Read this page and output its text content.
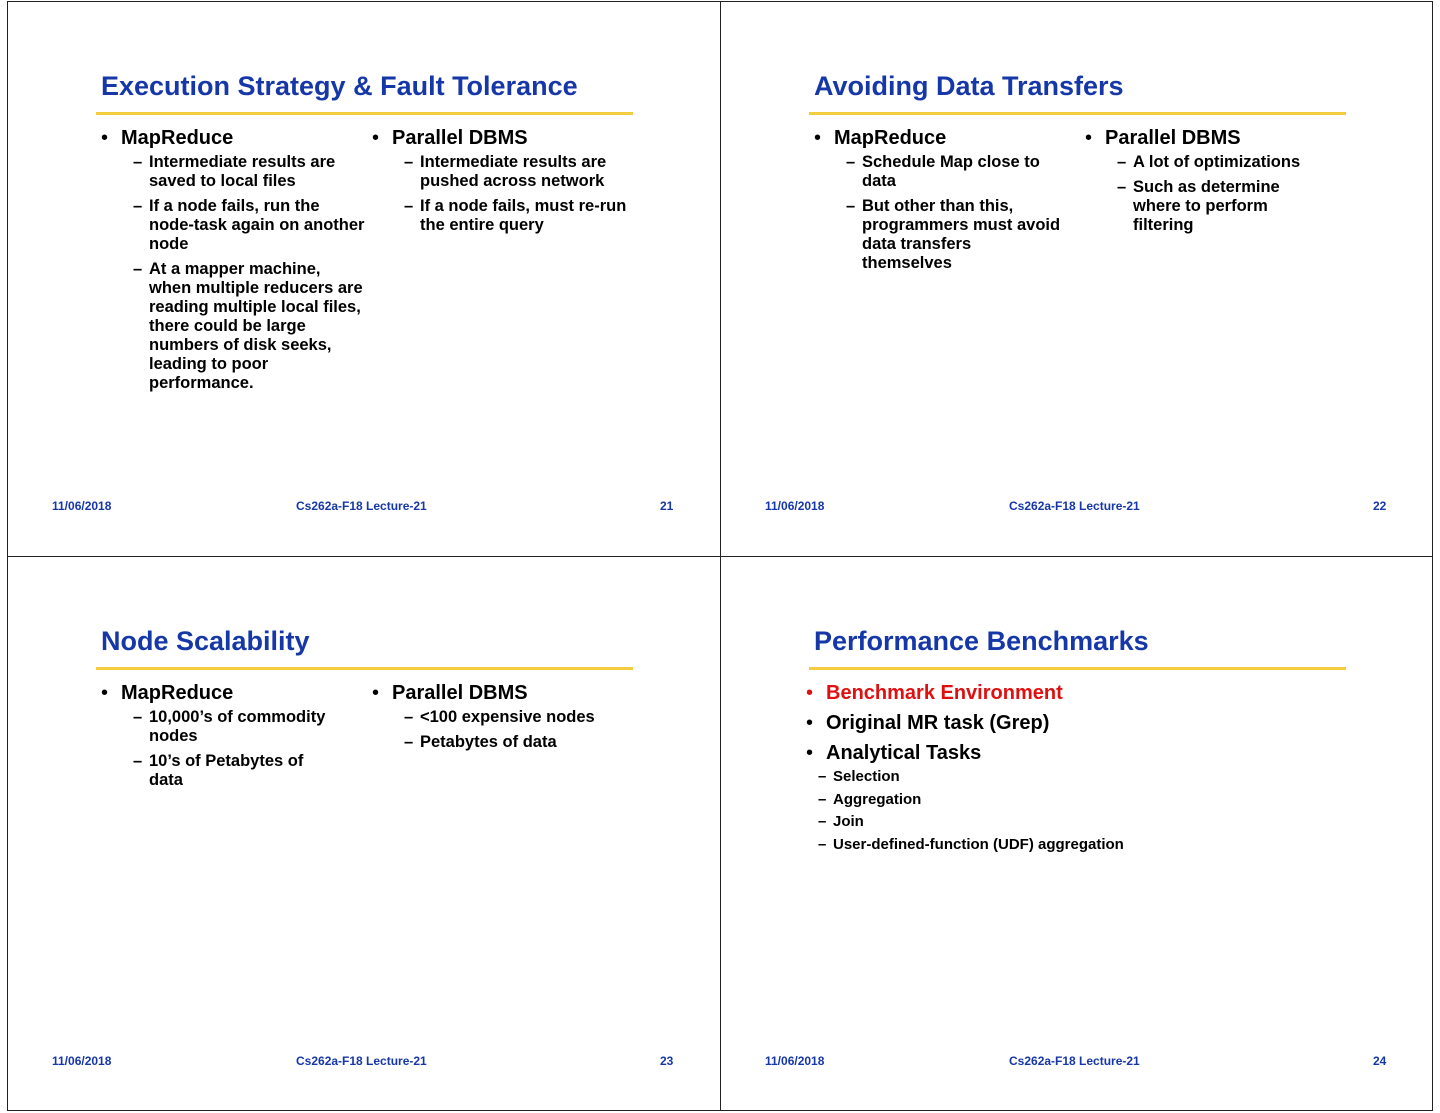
Execution Strategy & Fault Tolerance
• MapReduce
– Intermediate results are saved to local files
– If a node fails, run the node-task again on another node
– At a mapper machine, when multiple reducers are reading multiple local files, there could be large numbers of disk seeks, leading to poor performance.
• Parallel DBMS
– Intermediate results are pushed across network
– If a node fails, must re-run the entire query
11/06/2018	Cs262a-F18 Lecture-21	21
Avoiding Data Transfers
• MapReduce
– Schedule Map close to data
– But other than this, programmers must avoid data transfers themselves
• Parallel DBMS
– A lot of optimizations
– Such as determine where to perform filtering
11/06/2018	Cs262a-F18 Lecture-21	22
Node Scalability
• MapReduce
– 10,000’s of commodity nodes
– 10’s of Petabytes of data
• Parallel DBMS
– <100 expensive nodes
– Petabytes of data
11/06/2018	Cs262a-F18 Lecture-21	23
Performance Benchmarks
• Benchmark Environment
• Original MR task (Grep)
• Analytical Tasks
– Selection
– Aggregation
– Join
– User-defined-function (UDF) aggregation
11/06/2018	Cs262a-F18 Lecture-21	24
